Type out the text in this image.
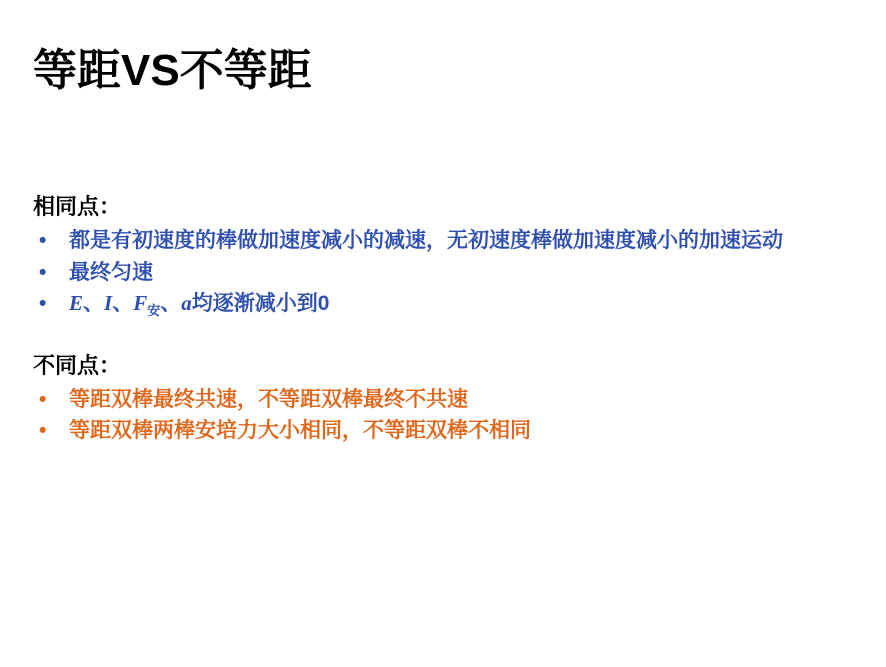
等距VS不等距
相同点：
• 都是有初速度的棒做加速度减小的减速，无初速度棒做加速度减小的加速运动
• 最终匀速
• E、I、$F_安$、a均逐渐减小到0
不同点：
• 等距双棒最终共速，不等距双棒最终不共速
• 等距双棒两棒安培力大小相同，不等距双棒不相同
